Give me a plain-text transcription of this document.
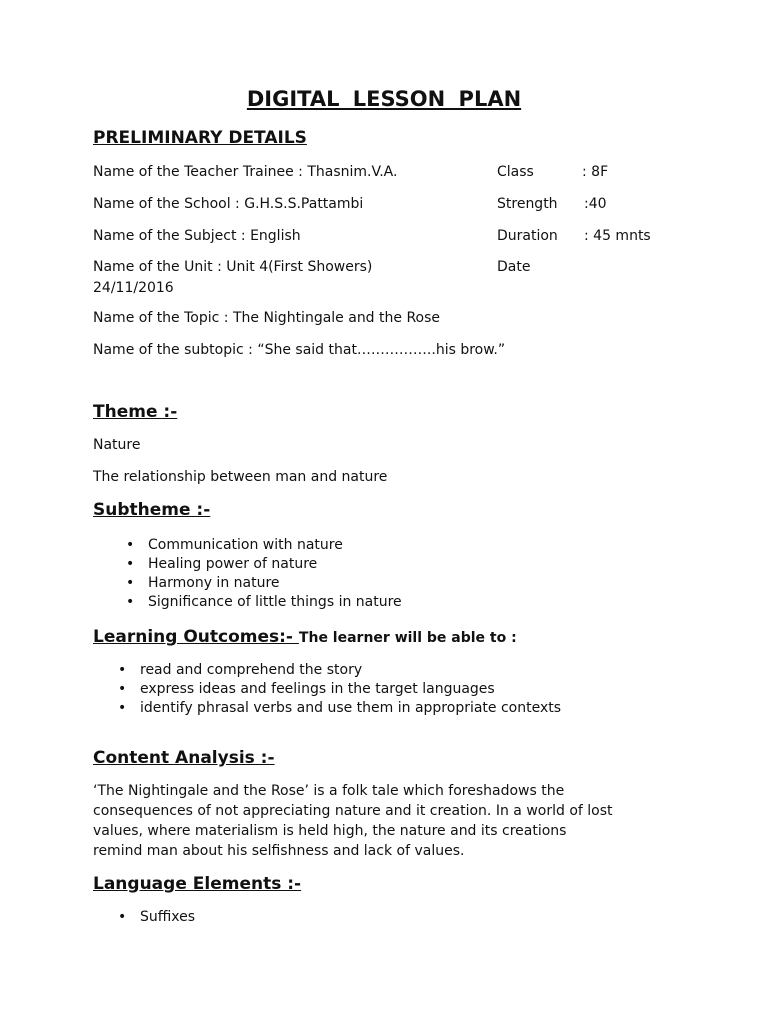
DIGITAL LESSON PLAN
PRELIMINARY DETAILS
Name of the Teacher Trainee : Thasnim.V.A.	Class	: 8F
Name of the School : G.H.S.S.Pattambi	Strength :40
Name of the Subject : English	Duration : 45 mnts
Name of the Unit : Unit 4(First Showers)	Date
24/11/2016
Name of the Topic : The Nightingale and the Rose
Name of the subtopic : “She said that……………..his brow.”
Theme :-
Nature
The relationship between man and nature
Subtheme :-
• Communication with nature
• Healing power of nature
• Harmony in nature
• Significance of little things in nature
Learning Outcomes:- The learner will be able to :
• read and comprehend the story
• express ideas and feelings in the target languages
• identify phrasal verbs and use them in appropriate contexts
Content Analysis :-
‘The Nightingale and the Rose’ is a folk tale which foreshadows the
consequences of not appreciating nature and it creation. In a world of lost
values, where materialism is held high, the nature and its creations
remind man about his selfishness and lack of values.
Language Elements :-
• Suffixes
